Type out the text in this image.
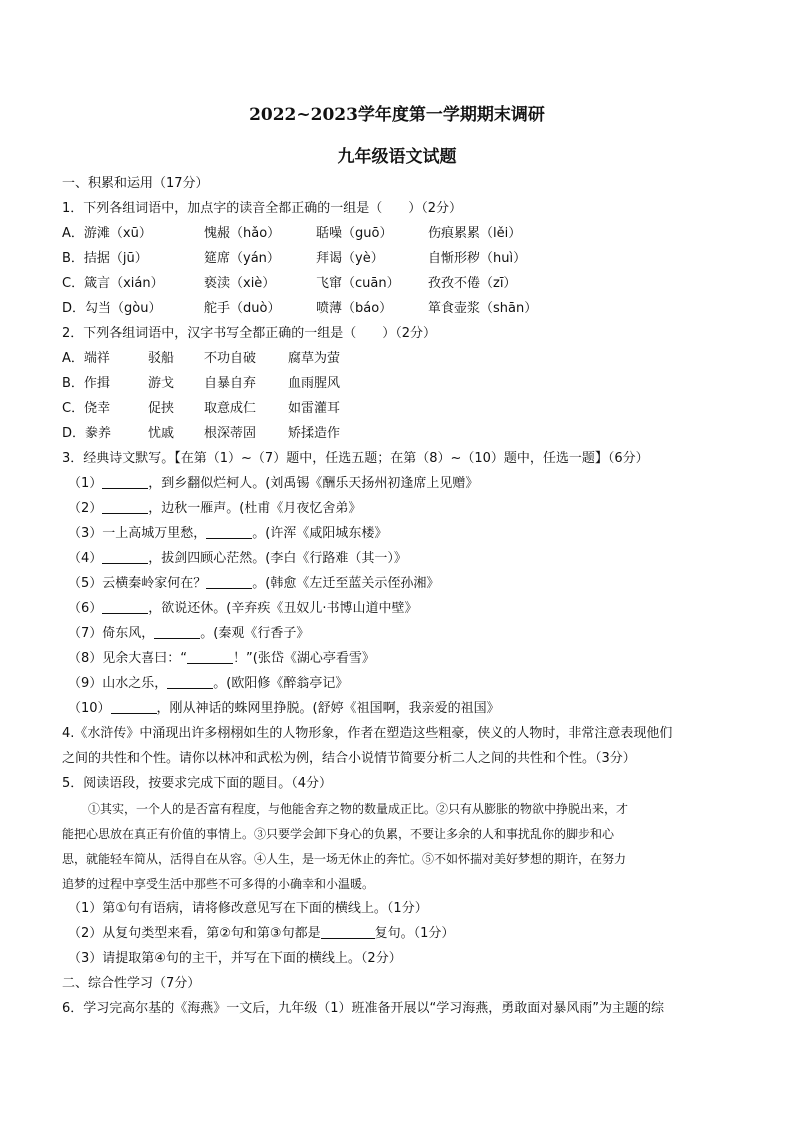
2022~2023学年度第一学期期末调研
九年级语文试题
一、积累和运用（17分）
1．下列各组词语中，加点字的读音全都正确的一组是（　　）（2分）
A．游滩（xū）	愧赧（hǎo）	聒噪（guō）	伤痕累累（lěi）
B．拮据（jū）	筵席（yán）	拜谒（yè）	自惭形秽（huì）
C．箴言（xián）	亵渎（xiè）	飞窜（cuān） 孜孜不倦（zī）
D．勾当（gòu）	舵手（duò）	喷薄（báo）	箪食壶浆（shān）
2．下列各组词语中，汉字书写全都正确的一组是（　　）（2分）
A．端祥	驳船 不功自破 腐草为萤
B．作揖	游戈 自暴自弃 血雨腥风
C．侥幸	促挟 取意成仁 如雷灌耳
D．豢养	忧戚 根深蒂固 矫揉造作
3．经典诗文默写。【在第（1）~（7）题中，任选五题；在第（8）~（10）题中，任选一题】（6分）
（1）	，到乡翻似烂柯人。(刘禹锡《酬乐天扬州初逢席上见赠》
（2）	，边秋一雁声。(杜甫《月夜忆舍弟》
（3）一上高城万里愁，	。(许浑《咸阳城东楼》
（4）	，拔剑四顾心茫然。(李白《行路难（其一）》
（5）云横秦岭家何在？	。(韩愈《左迁至蓝关示侄孙湘》
（6）	，欲说还休。(辛弃疾《丑奴儿·书博山道中壁》
（7）倚东风，	。(秦观《行香子》
（8）见余大喜曰：“	！”(张岱《湖心亭看雪》
（9）山水之乐，	。(欧阳修《醉翁亭记》
（10）	，刚从神话的蛛网里挣脱。(舒婷《祖国啊，我亲爱的祖国》
4.《水浒传》中涌现出许多栩栩如生的人物形象，作者在塑造这些粗豪，侠义的人物时，非常注意表现他们
之间的共性和个性。请你以林冲和武松为例，结合小说情节简要分析二人之间的共性和个性。（3分）
5．阅读语段，按要求完成下面的题目。（4分）
①其实，一个人的是否富有程度，与他能舍弃之物的数量成正比。②只有从膨胀的物欲中挣脱出来，才
能把心思放在真正有价值的事情上。③只要学会卸下身心的负累，不要让多余的人和事扰乱你的脚步和心
思，就能轻车简从，活得自在从容。④人生，是一场无休止的奔忙。⑤不如怀揣对美好梦想的期许，在努力
追梦的过程中享受生活中那些不可多得的小确幸和小温暖。
（1）第①句有语病，请将修改意见写在下面的横线上。（1分）
（2）从复句类型来看，第②句和第③句都是	复句。（1分）
（3）请提取第④句的主干，并写在下面的横线上。（2分）
二、综合性学习（7分）
6．学习完高尔基的《海燕》一文后，九年级（1）班准备开展以“学习海燕，勇敢面对暴风雨”为主题的综
